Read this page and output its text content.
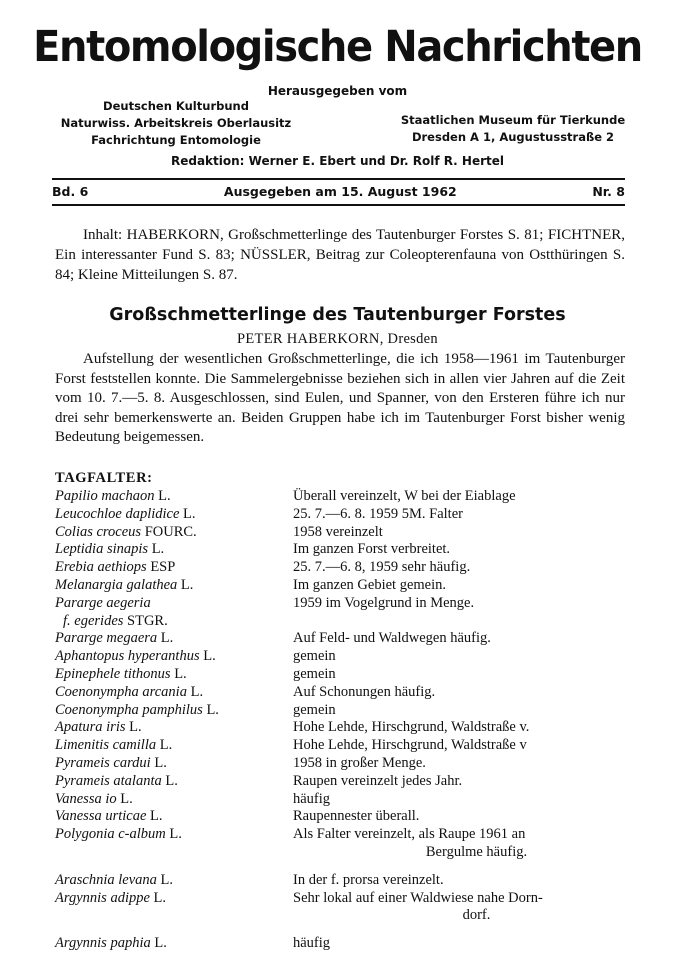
Entomologische Nachrichten
Herausgegeben vom
Deutschen Kulturbund
Naturwiss. Arbeitskreis Oberlausitz
Fachrichtung Entomologie
Staatlichen Museum für Tierkunde
Dresden A 1, Augustusstraße 2
Redaktion: Werner E. Ebert und Dr. Rolf R. Hertel
Bd. 6	Ausgegeben am 15. August 1962	Nr. 8
Inhalt: HABERKORN, Großschmetterlinge des Tautenburger Forstes S. 81; FICHTNER, Ein interessanter Fund S. 83; NÜSSLER, Beitrag zur Coleopterenfauna von Ostthüringen S. 84; Kleine Mitteilungen S. 87.
Großschmetterlinge des Tautenburger Forstes
PETER HABERKORN, Dresden
Aufstellung der wesentlichen Großschmetterlinge, die ich 1958—1961 im Tautenburger Forst feststellen konnte. Die Sammelergebnisse beziehen sich in allen vier Jahren auf die Zeit vom 10. 7.—5. 8. Ausgeschlossen, sind Eulen, und Spanner, von den Ersteren führe ich nur drei sehr bemerkenswerte an. Beiden Gruppen habe ich im Tautenburger Forst bisher wenig Bedeutung beigemessen.
TAGFALTER:
Papilio machaon L.	Überall vereinzelt, W bei der Eiablage
Leucochloe daplidice L.	25. 7.—6. 8. 1959 5M. Falter
Colias croceus FOURC.	1958 vereinzelt
Leptidia sinapis L.	Im ganzen Forst verbreitet.
Erebia aethiops ESP	25. 7.—6. 8, 1959 sehr häufig.
Melanargia galathea L.	Im ganzen Gebiet gemein.
Pararge aegeria	1959 im Vogelgrund in Menge.
f. egerides STGR.
Pararge megaera L.	Auf Feld- und Waldwegen häufig.
Aphantopus hyperanthus L.	gemein
Epinephele tithonus L.	gemein
Coenonympha arcania L.	Auf Schonungen häufig.
Coenonympha pamphilus L.	gemein
Apatura iris L.	Hohe Lehde, Hirschgrund, Waldstraße v.
Limenitis camilla L.	Hohe Lehde, Hirschgrund, Waldstraße v
Pyrameis cardui L.	1958 in großer Menge.
Pyrameis atalanta L.	Raupen vereinzelt jedes Jahr.
Vanessa io L.	häufig
Vanessa urticae L.	Raupennester überall.
Polygonia c-album L.	Als Falter vereinzelt, als Raupe 1961 an
Bergulme häufig.
Araschnia levana L.	In der f. prorsa vereinzelt.
Argynnis adippe L.	Sehr lokal auf einer Waldwiese nahe Dorn-
dorf.
Argynnis paphia L.	häufig
